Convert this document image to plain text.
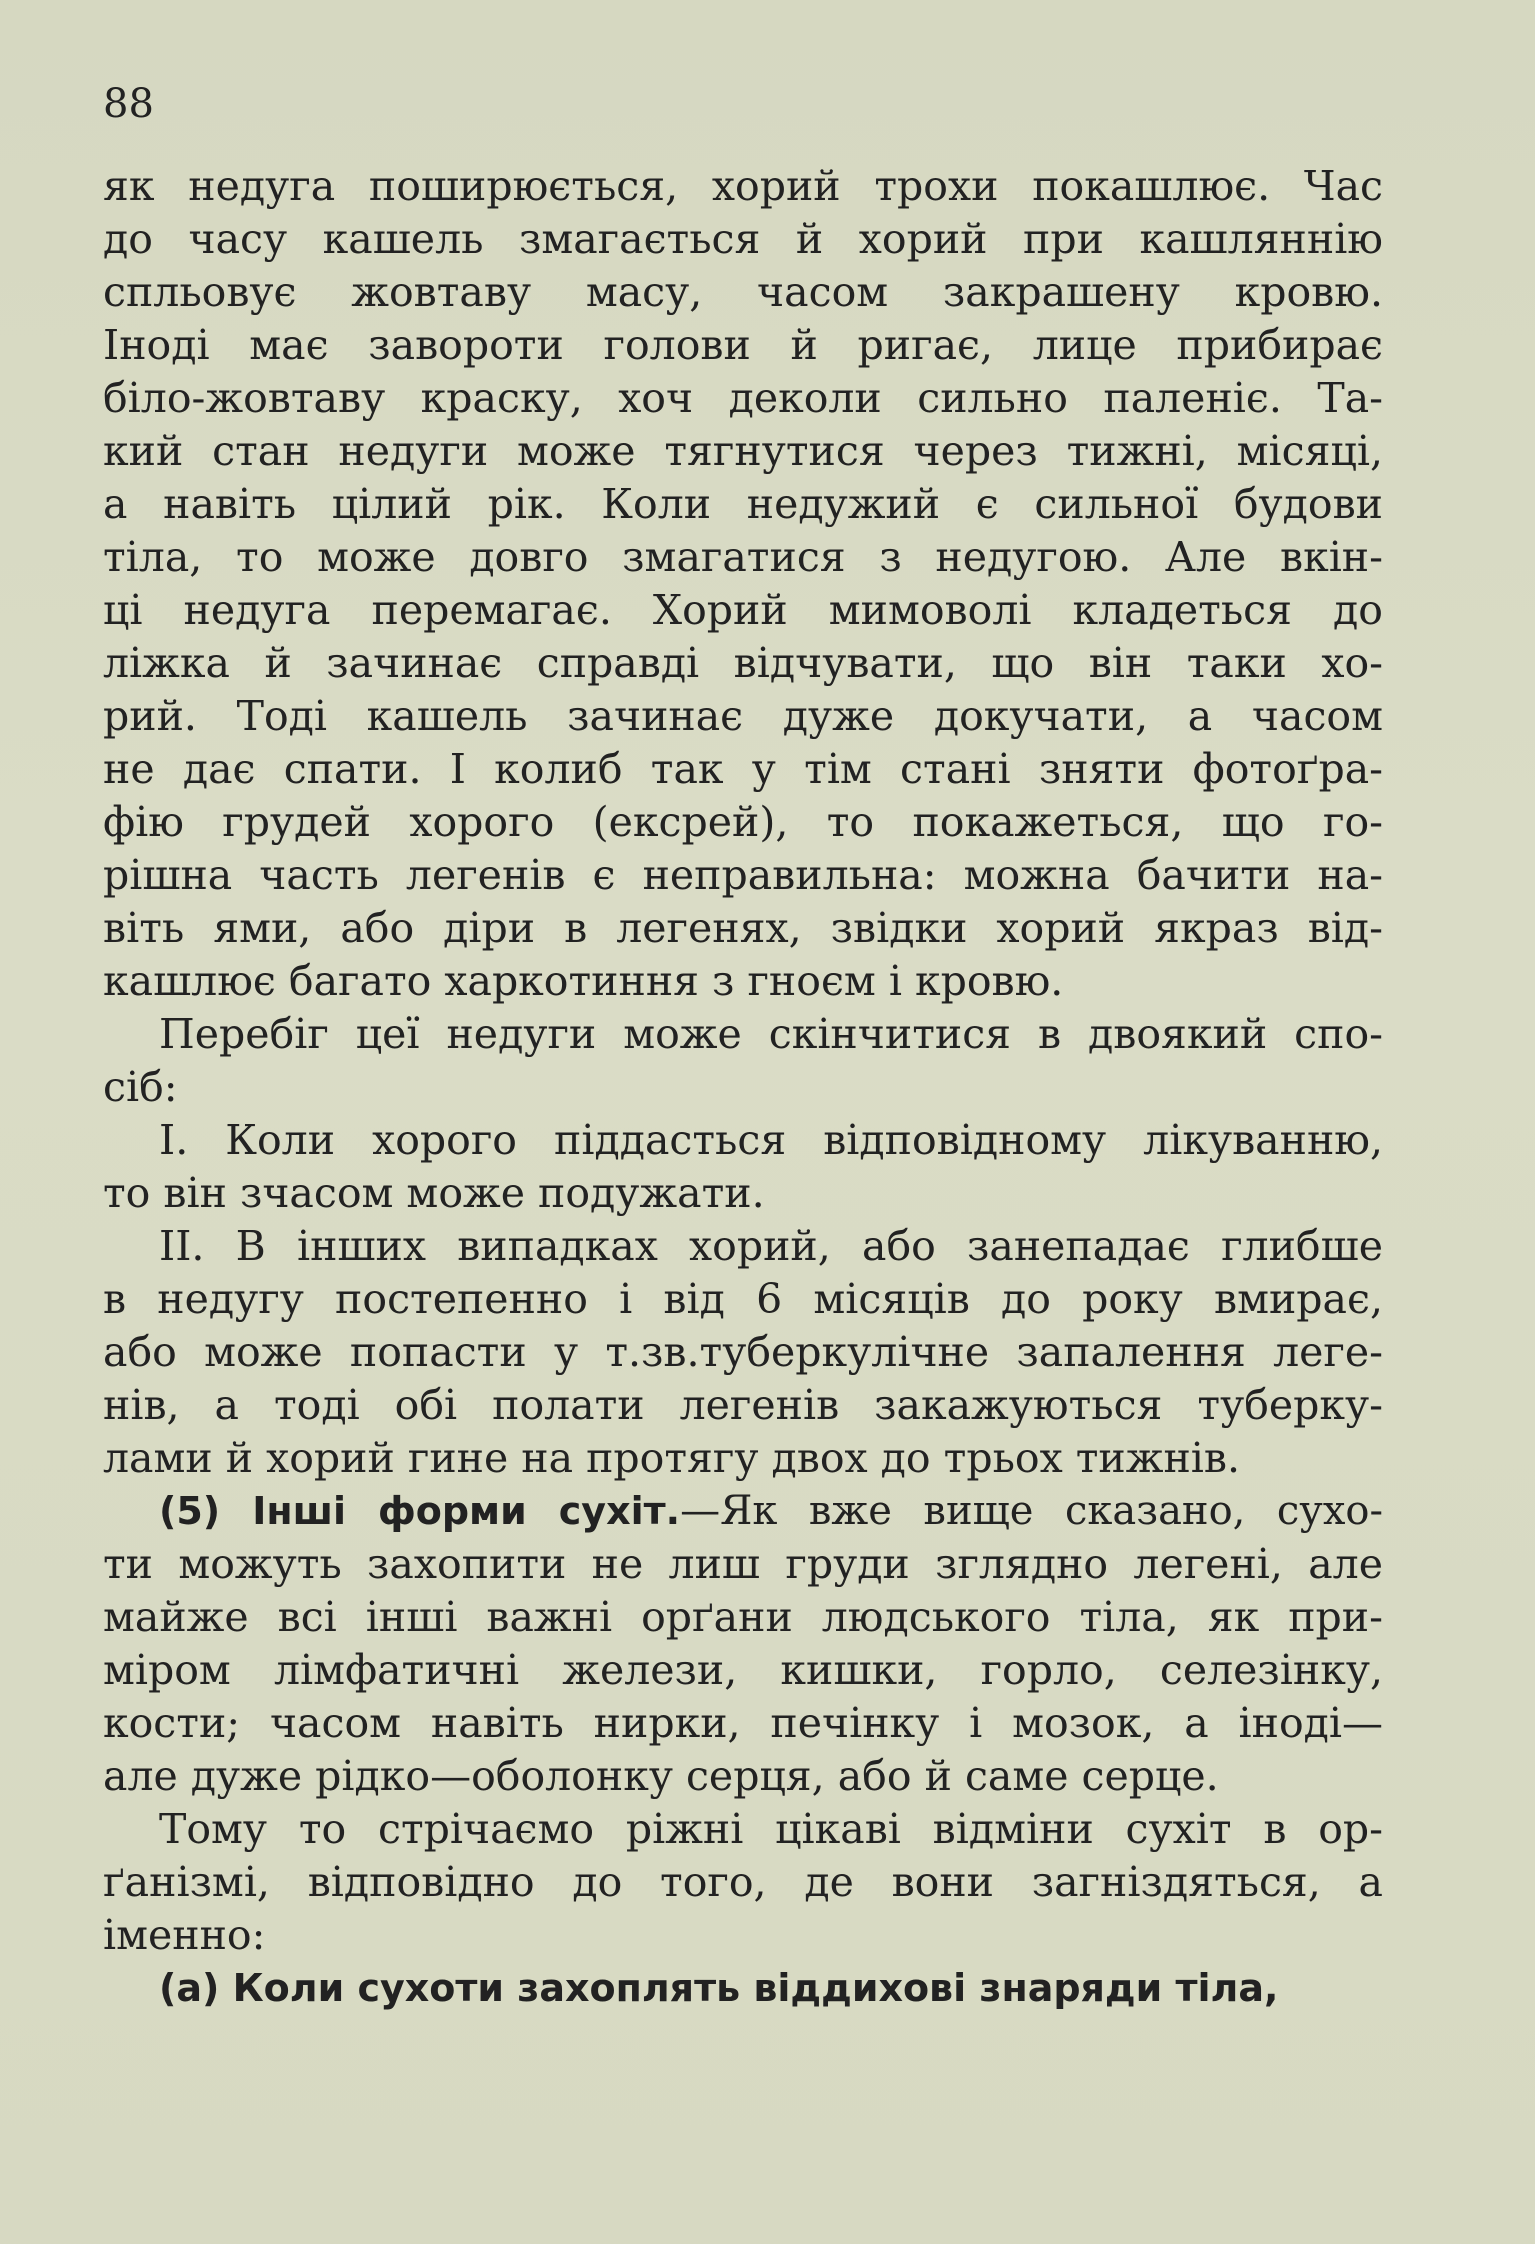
88
як недуга поширюється, хорий трохи покашлює. Час
до часу кашель змагається й хорий при кашляннію
спльовує жовтаву масу, часом закрашену кровю.
Іноді має завороти голови й ригає, лице прибирає
біло-жовтаву краску, хоч деколи сильно паленіє. Та-
кий стан недуги може тягнутися через тижні, місяці,
а навіть цілий рік. Коли недужий є сильної будови
тіла, то може довго змагатися з недугою. Але вкін-
ці недуга перемагає. Хорий мимоволі кладеться до
ліжка й зачинає справді відчувати, що він таки хо-
рий. Тоді кашель зачинає дуже докучати, а часом
не дає спати. І колиб так у тім стані зняти фотоґра-
фію грудей хорого (ексрей), то покажеться, що го-
рішна часть легенів є неправильна: можна бачити на-
віть ями, або діри в легенях, звідки хорий якраз від-
кашлює багато харкотиння з гноєм і кровю.
Перебіг цеї недуги може скінчитися в двоякий спо-
сіб:
I. Коли хорого піддасться відповідному лікуванню,
то він зчасом може подужати.
II. В інших випадках хорий, або занепадає глибше
в недугу постепенно і від 6 місяців до року вмирає,
або може попасти у т.зв.туберкулічне запалення леге-
нів, а тоді обі полати легенів закажуються туберку-
лами й хорий гине на протягу двох до трьох тижнів.
(5) Інші форми сухіт.—Як вже вище сказано, сухо-
ти можуть захопити не лиш груди зглядно легені, але
майже всі інші важні орґани людського тіла, як при-
міром лімфатичні желези, кишки, горло, селезінку,
кости; часом навіть нирки, печінку і мозок, а іноді—
але дуже рідко—оболонку серця, або й саме серце.
Тому то стрічаємо ріжні цікаві відміни сухіт в ор-
ґанізмі, відповідно до того, де вони загніздяться, а
іменно:
(а) Коли сухоти захоплять віддихові знаряди тіла,
